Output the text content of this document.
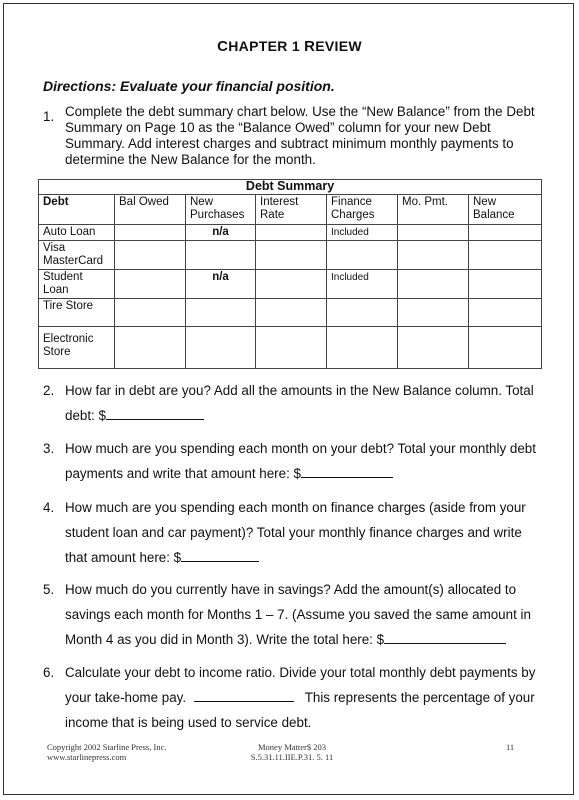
CHAPTER 1 REVIEW
Directions: Evaluate your financial position.
1. Complete the debt summary chart below. Use the “New Balance” from the Debt Summary on Page 10 as the “Balance Owed” column for your new Debt Summary. Add interest charges and subtract minimum monthly payments to determine the New Balance for the month.
Debt Summary						
Debt	Bal Owed	New Purchases	Interest Rate	Finance Charges	Mo. Pmt.	New Balance
Auto Loan		n/a		Included		
Visa MasterCard						
Student Loan		n/a		Included		
Tire Store						
Electronic Store						
2. How far in debt are you? Add all the amounts in the New Balance column. Total
debt: $
3. How much are you spending each month on your debt? Total your monthly debt
payments and write that amount here: $
4. How much are you spending each month on finance charges (aside from your
student loan and car payment)? Total your monthly finance charges and write
that amount here: $
5. How much do you currently have in savings? Add the amount(s) allocated to
savings each month for Months 1 – 7. (Assume you saved the same amount in
Month 4 as you did in Month 3). Write the total here: $
6. Calculate your debt to income ratio. Divide your total monthly debt payments by
your take-home pay.	This represents the percentage of your
income that is being used to service debt.
Copyright 2002 Starline Press, Inc.
www.starlinepress.com
Money Matter$ 203
S.5.31.11.IIE.P.31. 5. 11
11
